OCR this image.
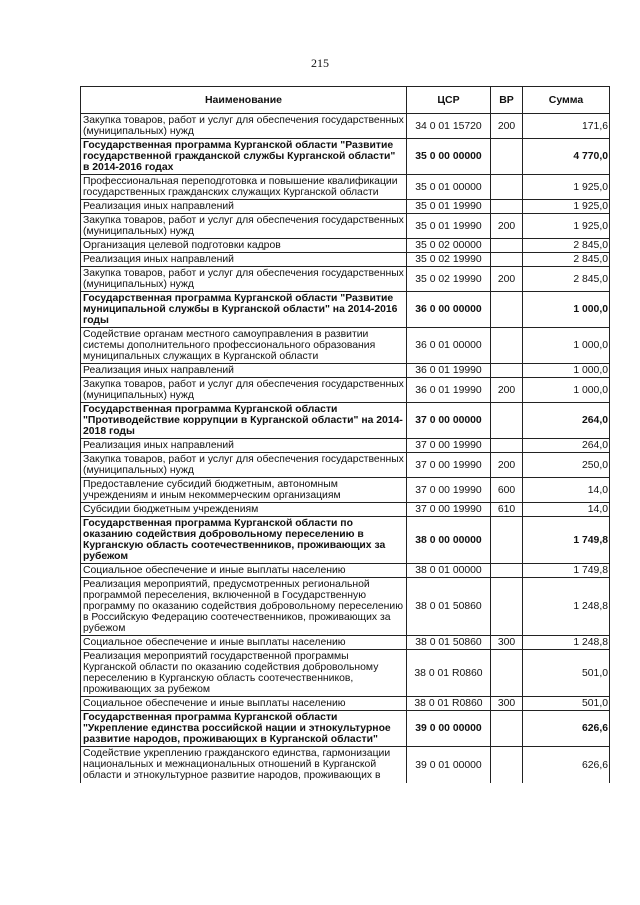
215
Наименование	ЦСР	ВР	Сумма
Закупка товаров, работ и услуг для обеспечения государственных (муниципальных) нужд	34 0 01 15720	200	171,6
Государственная программа Курганской области "Развитие государственной гражданской службы Курганской области" в 2014-2016 годах	35 0 00 00000		4 770,0
Профессиональная переподготовка и повышение квалификации государственных гражданских служащих Курганской области	35 0 01 00000		1 925,0
Реализация иных направлений	35 0 01 19990		1 925,0
Закупка товаров, работ и услуг для обеспечения государственных (муниципальных) нужд	35 0 01 19990	200	1 925,0
Организация целевой подготовки кадров	35 0 02 00000		2 845,0
Реализация иных направлений	35 0 02 19990		2 845,0
Закупка товаров, работ и услуг для обеспечения государственных (муниципальных) нужд	35 0 02 19990	200	2 845,0
Государственная программа Курганской области "Развитие муниципальной службы в Курганской области" на 2014-2016 годы	36 0 00 00000		1 000,0
Содействие органам местного самоуправления в развитии системы дополнительного профессионального образования муниципальных служащих в Курганской области	36 0 01 00000		1 000,0
Реализация иных направлений	36 0 01 19990		1 000,0
Закупка товаров, работ и услуг для обеспечения государственных (муниципальных) нужд	36 0 01 19990	200	1 000,0
Государственная программа Курганской области "Противодействие коррупции в Курганской области" на 2014-2018 годы	37 0 00 00000		264,0
Реализация иных направлений	37 0 00 19990		264,0
Закупка товаров, работ и услуг для обеспечения государственных (муниципальных) нужд	37 0 00 19990	200	250,0
Предоставление субсидий бюджетным, автономным учреждениям и иным некоммерческим организациям	37 0 00 19990	600	14,0
Субсидии бюджетным учреждениям	37 0 00 19990	610	14,0
Государственная программа Курганской области по оказанию содействия добровольному переселению в Курганскую область соотечественников, проживающих за рубежом	38 0 00 00000		1 749,8
Социальное обеспечение и иные выплаты населению	38 0 01 00000		1 749,8
Реализация мероприятий, предусмотренных региональной программой переселения, включенной в Государственную программу по оказанию содействия добровольному переселению в Российскую Федерацию соотечественников, проживающих за рубежом	38 0 01 50860		1 248,8
Социальное обеспечение и иные выплаты населению	38 0 01 50860	300	1 248,8
Реализация мероприятий государственной программы Курганской области по оказанию содействия добровольному переселению в Курганскую область соотечественников, проживающих за рубежом	38 0 01 R0860		501,0
Социальное обеспечение и иные выплаты населению	38 0 01 R0860	300	501,0
Государственная программа Курганской области "Укрепление единства российской нации и этнокультурное развитие народов, проживающих в Курганской области"	39 0 00 00000		626,6
Содействие укреплению гражданского единства, гармонизации национальных и межнациональных отношений в Курганской области и этнокультурное развитие народов, проживающих в	39 0 01 00000		626,6
